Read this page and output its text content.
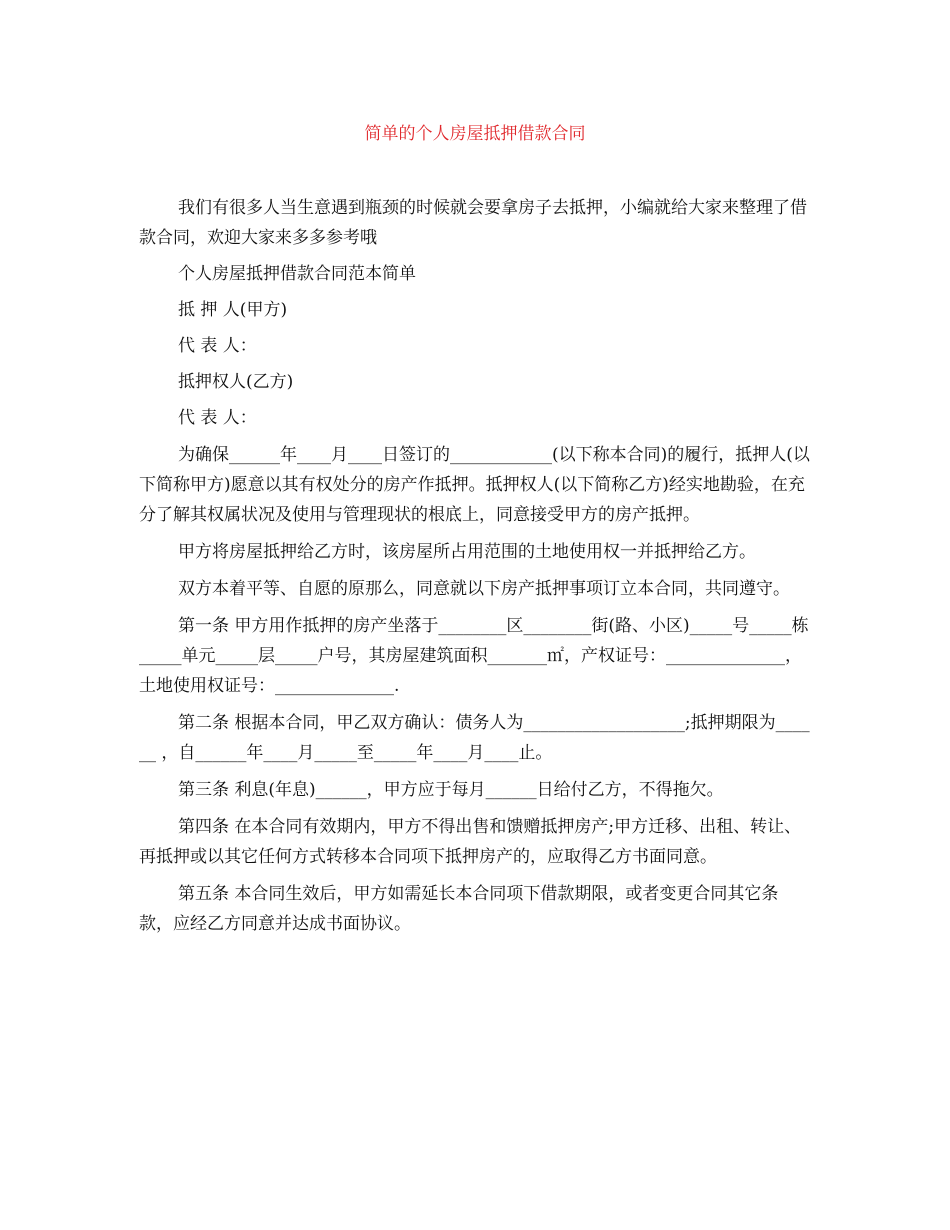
简单的个人房屋抵押借款合同

我们有很多人当生意遇到瓶颈的时候就会要拿房子去抵押，小编就给大家来整理了借款合同，欢迎大家来多多参考哦

个人房屋抵押借款合同范本简单

抵 押 人(甲方)

代 表 人：

抵押权人(乙方)

代 表 人：

为确保______年____月____日签订的____________(以下称本合同)的履行，抵押人(以下简称甲方)愿意以其有权处分的房产作抵押。抵押权人(以下简称乙方)经实地勘验，在充分了解其权属状况及使用与管理现状的根底上，同意接受甲方的房产抵押。

甲方将房屋抵押给乙方时，该房屋所占用范围的土地使用权一并抵押给乙方。

双方本着平等、自愿的原那么，同意就以下房产抵押事项订立本合同，共同遵守。

第一条 甲方用作抵押的房产坐落于________区________街(路、小区)_____号_____栋_____单元_____层_____户号，其房屋建筑面积_______㎡，产权证号：______________，土地使用权证号：______________.

第二条 根据本合同，甲乙双方确认：债务人为___________________;抵押期限为______ ，自______年____月_____至_____年____月____止。

第三条 利息(年息)______，甲方应于每月______日给付乙方，不得拖欠。

第四条 在本合同有效期内，甲方不得出售和馈赠抵押房产;甲方迁移、出租、转让、再抵押或以其它任何方式转移本合同项下抵押房产的，应取得乙方书面同意。

第五条 本合同生效后，甲方如需延长本合同项下借款期限，或者变更合同其它条款，应经乙方同意并达成书面协议。
